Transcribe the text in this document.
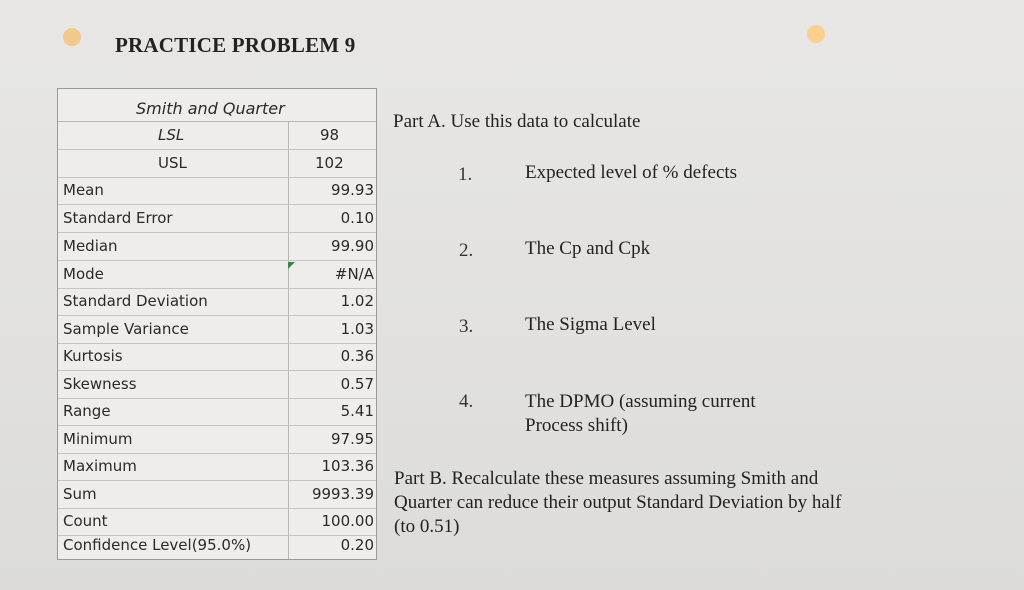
PRACTICE PROBLEM 9
Smith and Quarter
LSL	98
USL	102
Mean	99.93
Standard Error	0.10
Median	99.90
Mode	#N/A
Standard Deviation	1.02
Sample Variance	1.03
Kurtosis	0.36
Skewness	0.57
Range	5.41
Minimum	97.95
Maximum	103.36
Sum	9993.39
Count	100.00
Confidence Level(95.0%)	0.20
Part A. Use this data to calculate
1.	Expected level of % defects
2.	The Cp and Cpk
3.	The Sigma Level
4.	The DPMO (assuming current
Process shift)
Part B. Recalculate these measures assuming Smith and
Quarter can reduce their output Standard Deviation by half
(to 0.51)
